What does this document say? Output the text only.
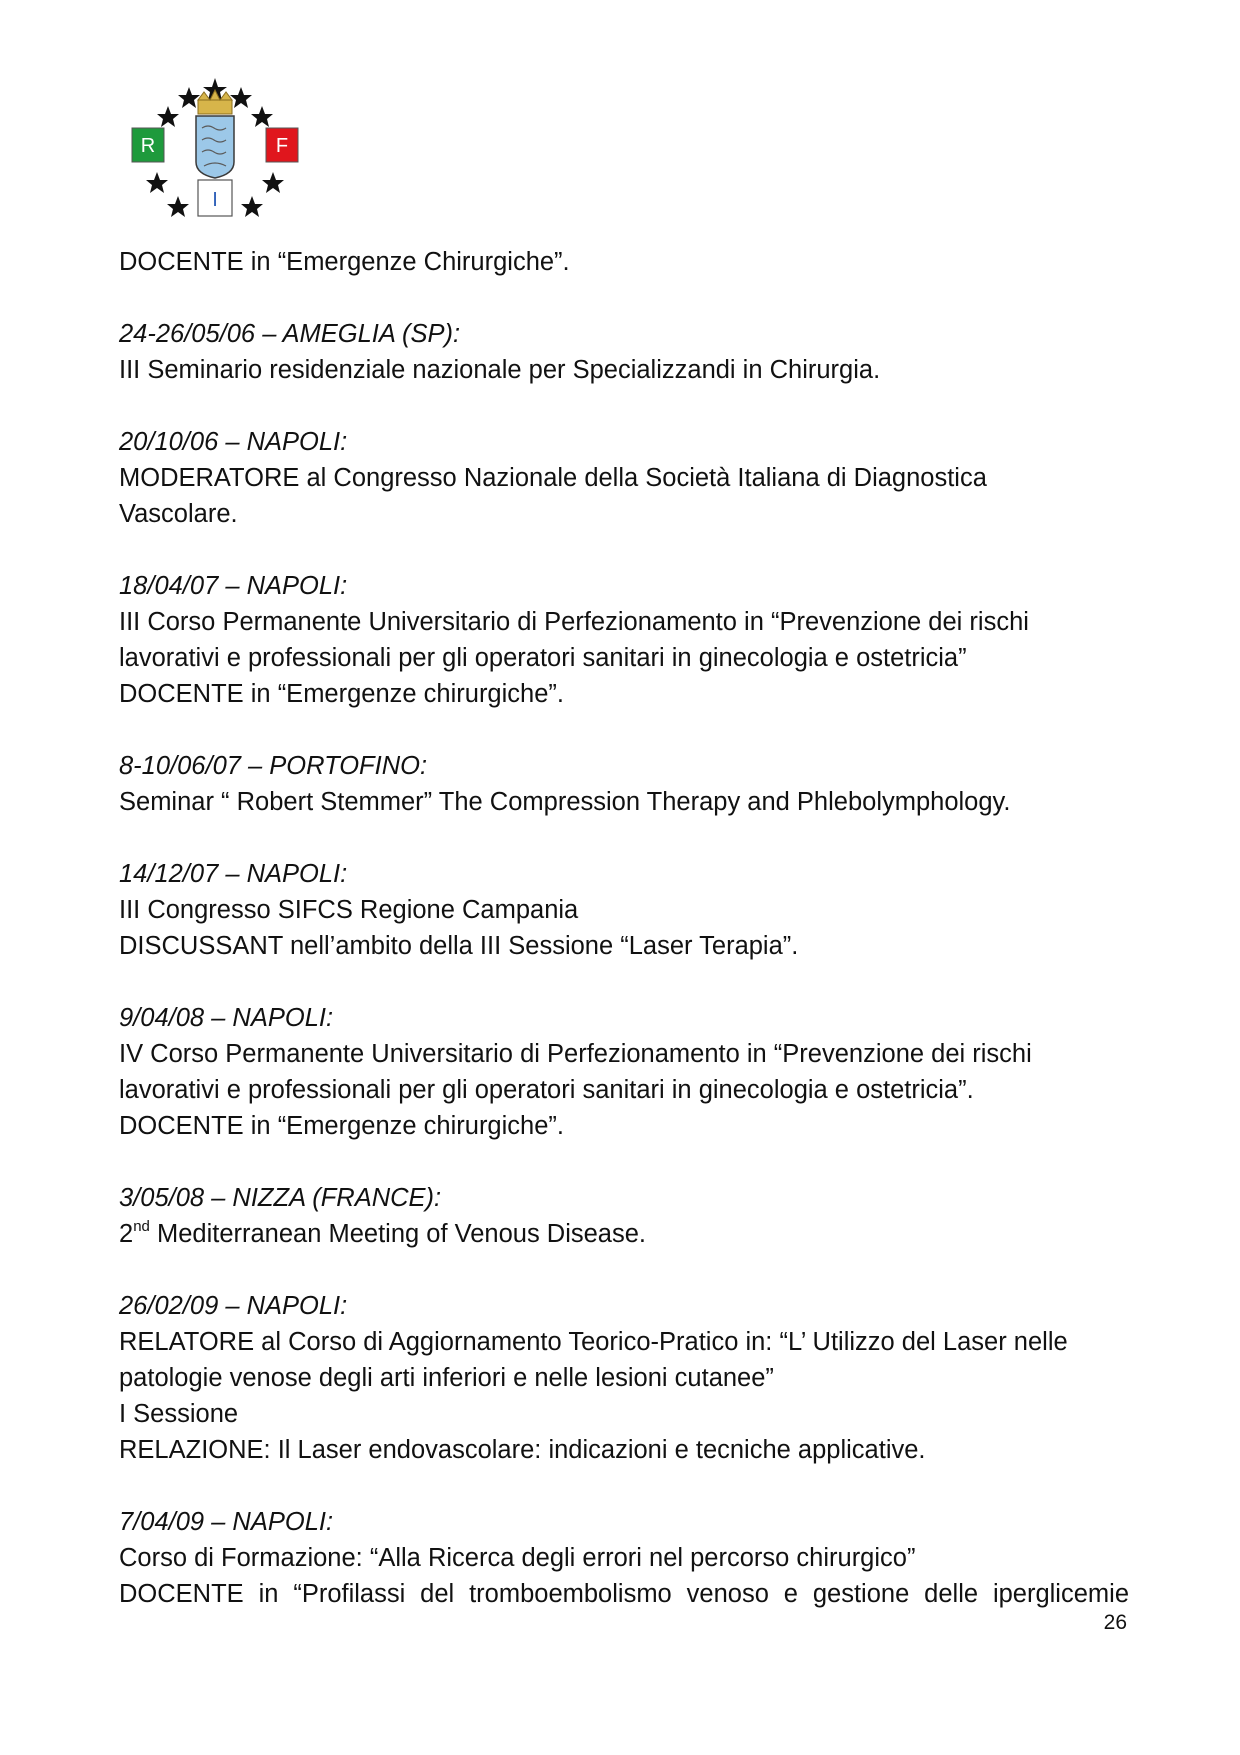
R	F
I

DOCENTE in “Emergenze Chirurgiche”.

24-26/05/06 – AMEGLIA (SP):

III Seminario residenziale nazionale per Specializzandi in Chirurgia.

20/10/06 – NAPOLI:

MODERATORE al Congresso Nazionale della Società Italiana di Diagnostica

Vascolare.

18/04/07 – NAPOLI:

III Corso Permanente Universitario di Perfezionamento in “Prevenzione dei rischi

lavorativi e professionali per gli operatori sanitari in ginecologia e ostetricia”

DOCENTE in “Emergenze chirurgiche”.

8-10/06/07 – PORTOFINO:

Seminar “ Robert Stemmer” The Compression Therapy and Phlebolymphology.

14/12/07 – NAPOLI:

III Congresso SIFCS Regione Campania

DISCUSSANT nell’ambito della III Sessione “Laser Terapia”.

9/04/08 – NAPOLI:

IV Corso Permanente Universitario di Perfezionamento in “Prevenzione dei rischi

lavorativi e professionali per gli operatori sanitari in ginecologia e ostetricia”.

DOCENTE in “Emergenze chirurgiche”.

3/05/08 – NIZZA (FRANCE):

2nd Mediterranean Meeting of Venous Disease.

26/02/09 – NAPOLI:

RELATORE al Corso di Aggiornamento Teorico-Pratico in: “L’ Utilizzo del Laser nelle

patologie venose degli arti inferiori e nelle lesioni cutanee”

I Sessione

RELAZIONE: Il Laser endovascolare: indicazioni e tecniche applicative.

7/04/09 – NAPOLI:

Corso di Formazione: “Alla Ricerca degli errori nel percorso chirurgico”

DOCENTE in “Profilassi del tromboembolismo venoso e gestione delle iperglicemie

26
